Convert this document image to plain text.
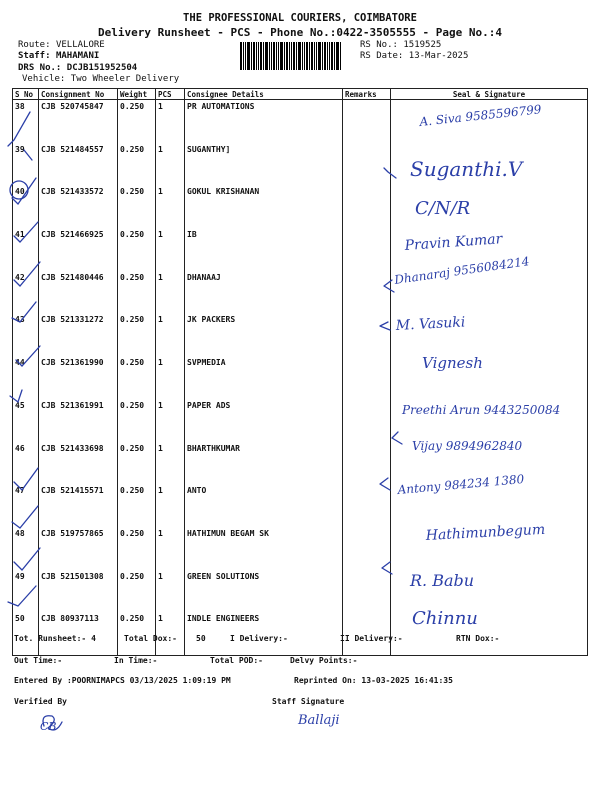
THE PROFESSIONAL COURIERS, COIMBATORE
Delivery Runsheet - PCS - Phone No.:0422-3505555 - Page No.:4
Route: VELLALORE
Staff: MAHAMANI
DRS No.: DCJB151952504
Vehicle: Two Wheeler Delivery
RS No.: 1519525
RS Date: 13-Mar-2025
S No	Consignment No	Weight	PCS	Consignee Details	Remarks	Seal & Signature
38	CJB 520745847	0.250	1	PR AUTOMATIONS		
39	CJB 521484557	0.250	1	SUGANTHY]		
40	CJB 521433572	0.250	1	GOKUL KRISHANAN		
41	CJB 521466925	0.250	1	IB		
42	CJB 521480446	0.250	1	DHANAAJ		
43	CJB 521331272	0.250	1	JK PACKERS		
44	CJB 521361990	0.250	1	SVPMEDIA		
45	CJB 521361991	0.250	1	PAPER ADS		
46	CJB 521433698	0.250	1	BHARTHKUMAR		
47	CJB 521415571	0.250	1	ANTO		
48	CJB 519757865	0.250	1	HATHIMUN BEGAM SK		
49	CJB 521501308	0.250	1	GREEN SOLUTIONS		
50	CJB 80937113	0.250	1	INDLE ENGINEERS		
Tot. Runsheet:- 4	Total Dox:- 50	I Delivery:-	II Delivery:-	RTN Dox:-
Out Time:-	In Time:-	Total POD:-	Delvy Points:-
Entered By :POORNIMAPCS 03/13/2025 1:09:19 PM	Reprinted On: 13-03-2025 16:41:35
Verified By	Staff Signature
A. Siva 9585596799
Suganthi.V
C/N/R
Pravin Kumar
Dhanaraj 9556084214
M. Vasuki
Vignesh
Preethi Arun 9443250084
Vijay 9894962840
Antony 984234 1380
Hathimunbegum
R. Babu
Chinnu
Ballaji
CB
